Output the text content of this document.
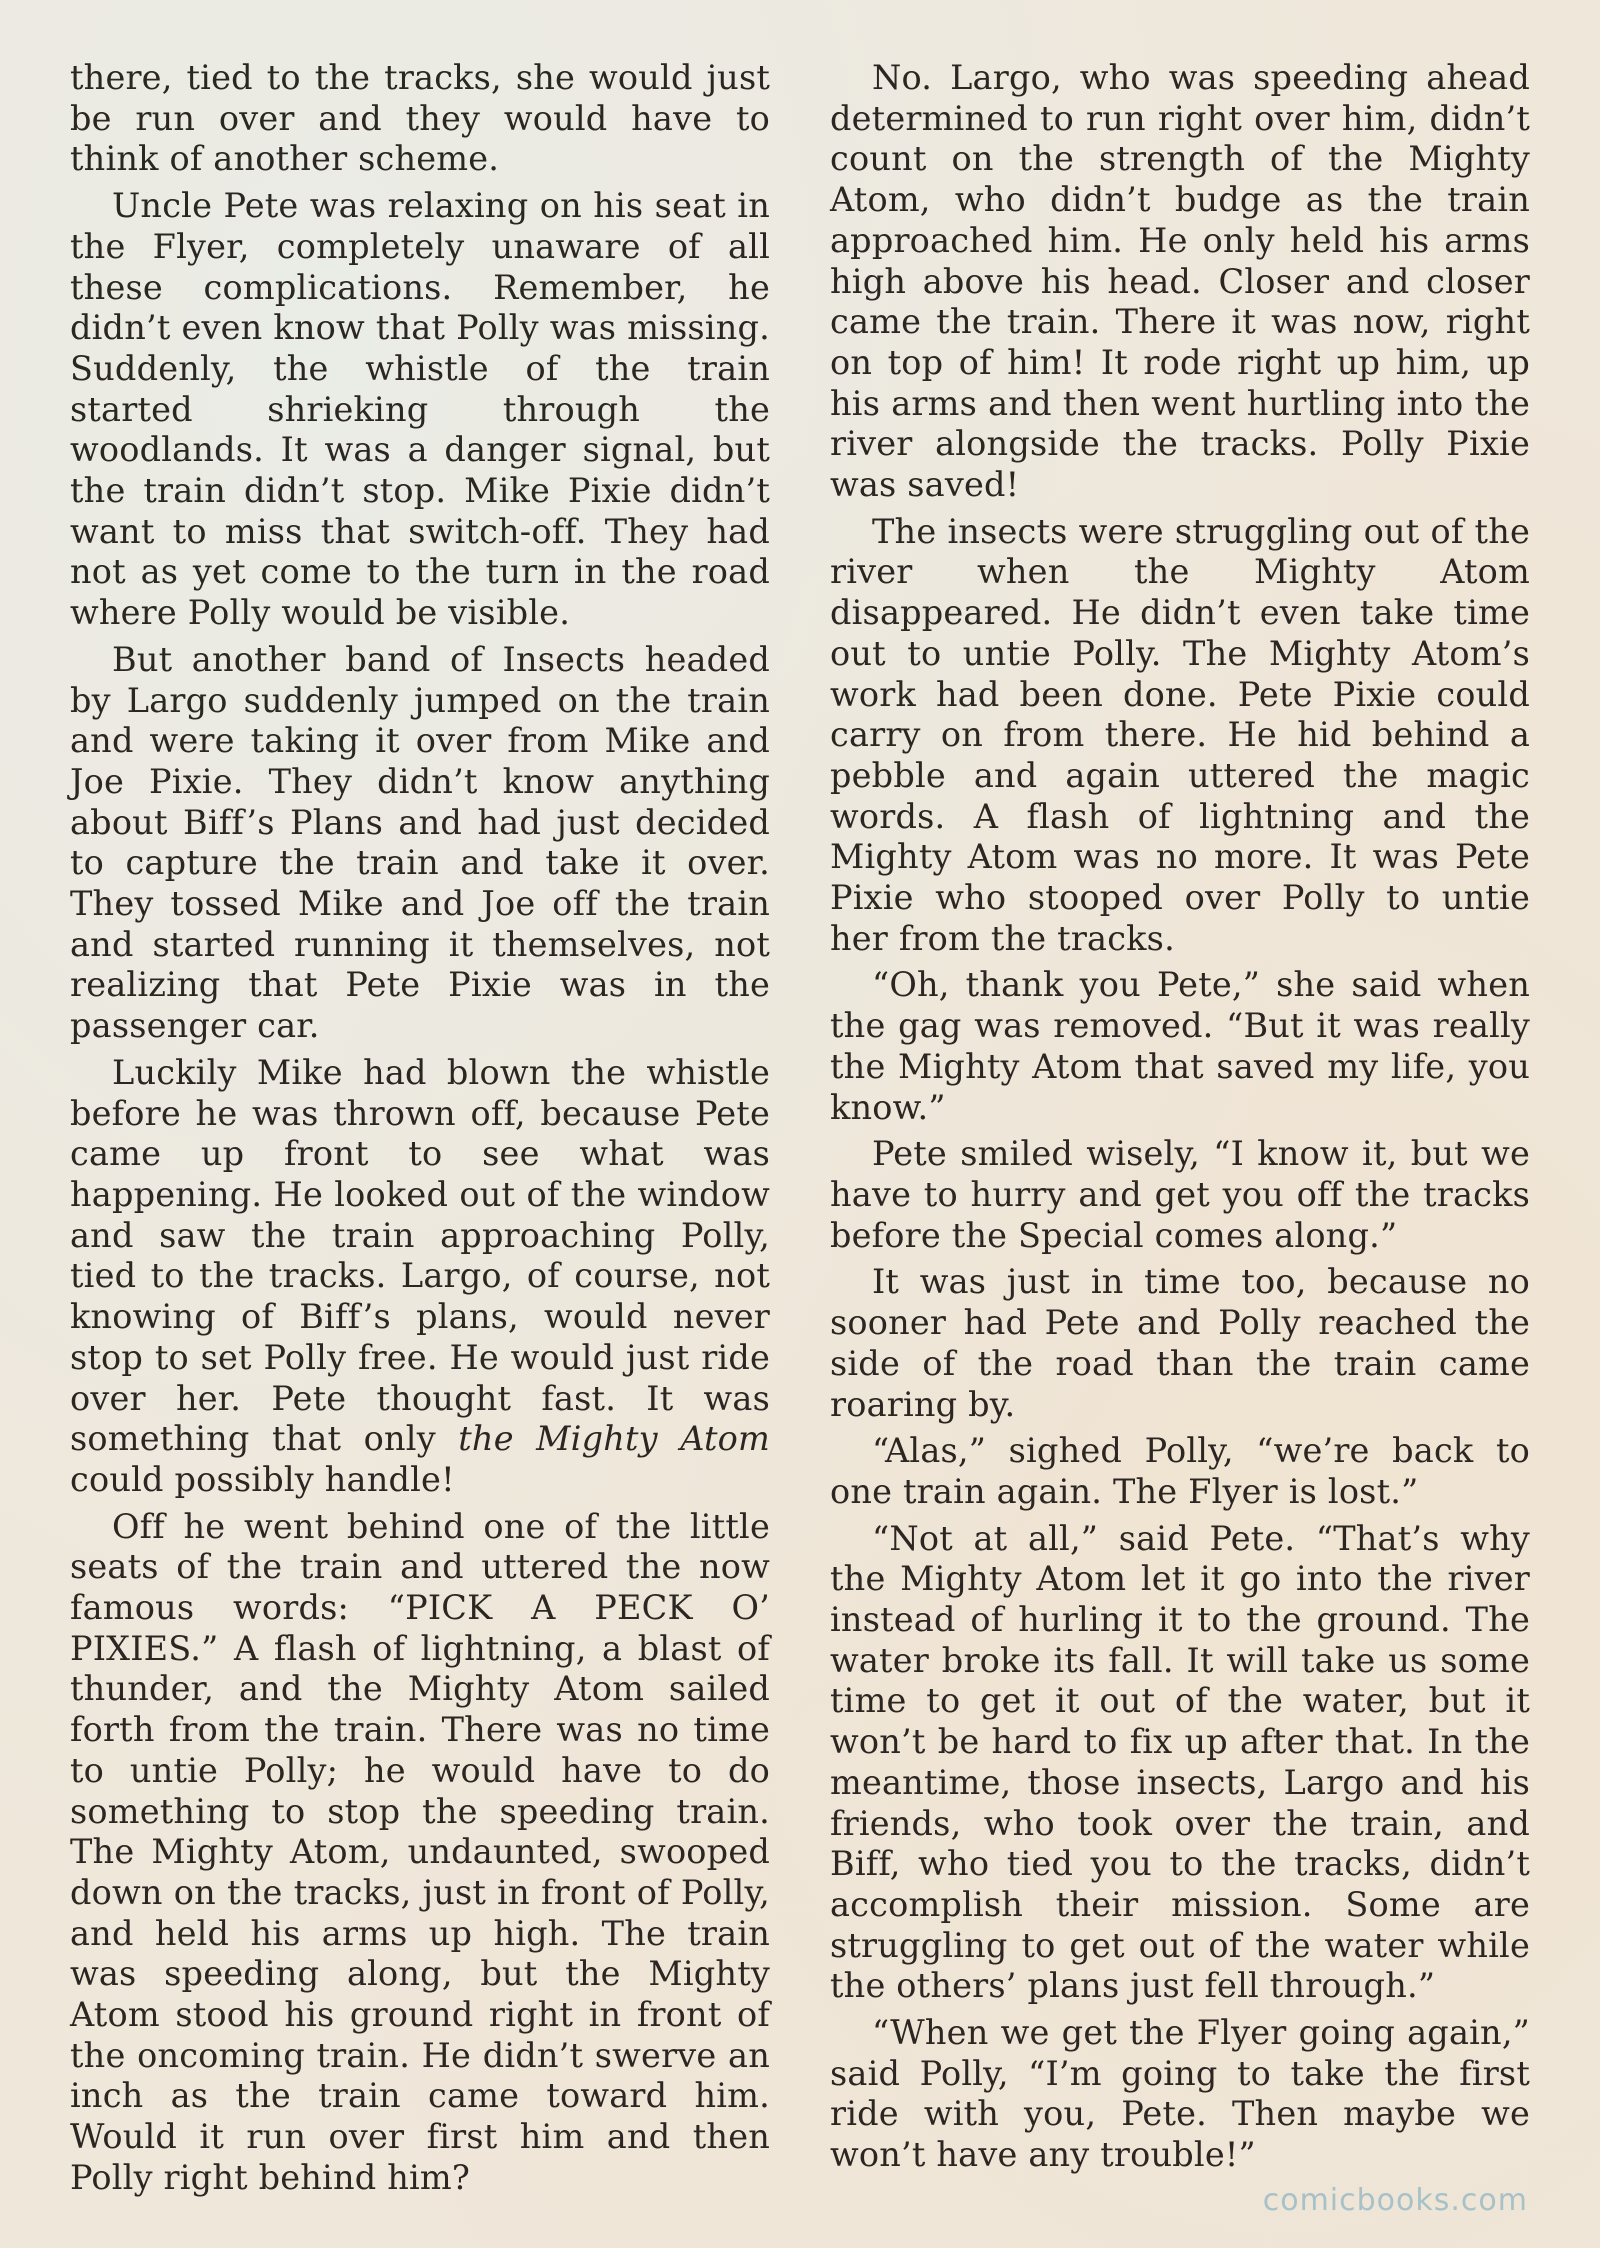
there, tied to the tracks, she would just be run over and they would have to think of another scheme.

Uncle Pete was relaxing on his seat in the Flyer, completely unaware of all these complications. Remember, he didn’t even know that Polly was missing. Suddenly, the whistle of the train started shrieking through the woodlands. It was a danger signal, but the train didn’t stop. Mike Pixie didn’t want to miss that switch-off. They had not as yet come to the turn in the road where Polly would be visible.

But another band of Insects headed by Largo suddenly jumped on the train and were taking it over from Mike and Joe Pixie. They didn’t know anything about Biff’s Plans and had just decided to capture the train and take it over. They tossed Mike and Joe off the train and started running it themselves, not realizing that Pete Pixie was in the passenger car.

Luckily Mike had blown the whistle before he was thrown off, because Pete came up front to see what was happening. He looked out of the window and saw the train approaching Polly, tied to the tracks. Largo, of course, not knowing of Biff’s plans, would never stop to set Polly free. He would just ride over her. Pete thought fast. It was something that only the Mighty Atom could possibly handle!

Off he went behind one of the little seats of the train and uttered the now famous words: “PICK A PECK O’ PIXIES.” A flash of lightning, a blast of thunder, and the Mighty Atom sailed forth from the train. There was no time to untie Polly; he would have to do something to stop the speeding train. The Mighty Atom, undaunted, swooped down on the tracks, just in front of Polly, and held his arms up high. The train was speeding along, but the Mighty Atom stood his ground right in front of the oncoming train. He didn’t swerve an inch as the train came toward him. Would it run over first him and then Polly right behind him?

No. Largo, who was speeding ahead determined to run right over him, didn’t count on the strength of the Mighty Atom, who didn’t budge as the train approached him. He only held his arms high above his head. Closer and closer came the train. There it was now, right on top of him! It rode right up him, up his arms and then went hurtling into the river alongside the tracks. Polly Pixie was saved!

The insects were struggling out of the river when the Mighty Atom disappeared. He didn’t even take time out to untie Polly. The Mighty Atom’s work had been done. Pete Pixie could carry on from there. He hid behind a pebble and again uttered the magic words. A flash of lightning and the Mighty Atom was no more. It was Pete Pixie who stooped over Polly to untie her from the tracks.

“Oh, thank you Pete,” she said when the gag was removed. “But it was really the Mighty Atom that saved my life, you know.”

Pete smiled wisely, “I know it, but we have to hurry and get you off the tracks before the Special comes along.”

It was just in time too, because no sooner had Pete and Polly reached the side of the road than the train came roaring by.

“Alas,” sighed Polly, “we’re back to one train again. The Flyer is lost.”

“Not at all,” said Pete. “That’s why the Mighty Atom let it go into the river instead of hurling it to the ground. The water broke its fall. It will take us some time to get it out of the water, but it won’t be hard to fix up after that. In the meantime, those insects, Largo and his friends, who took over the train, and Biff, who tied you to the tracks, didn’t accomplish their mission. Some are struggling to get out of the water while the others’ plans just fell through.”

“When we get the Flyer going again,” said Polly, “I’m going to take the first ride with you, Pete. Then maybe we won’t have any trouble!”

comicbooks.com
